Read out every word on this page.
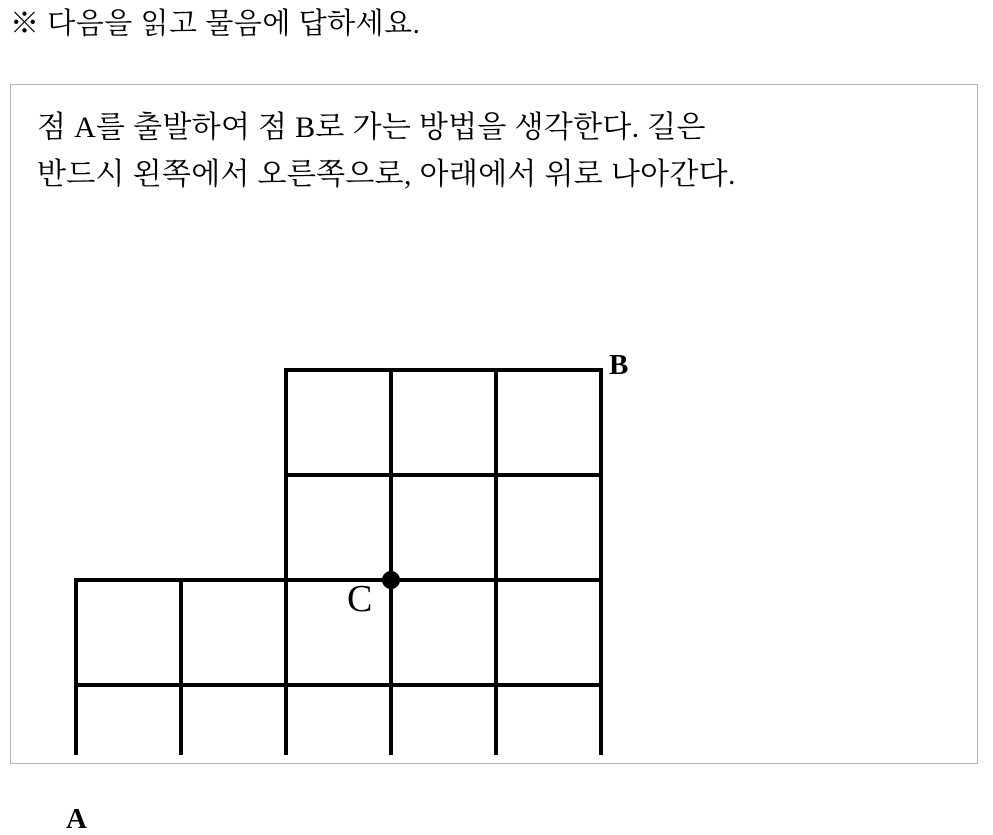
※ 다음을 읽고 물음에 답하세요.
점 A를 출발하여 점 B로 가는 방법을 생각한다. 길은
반드시 왼쪽에서 오른쪽으로, 아래에서 위로 나아간다.
B
A
C
